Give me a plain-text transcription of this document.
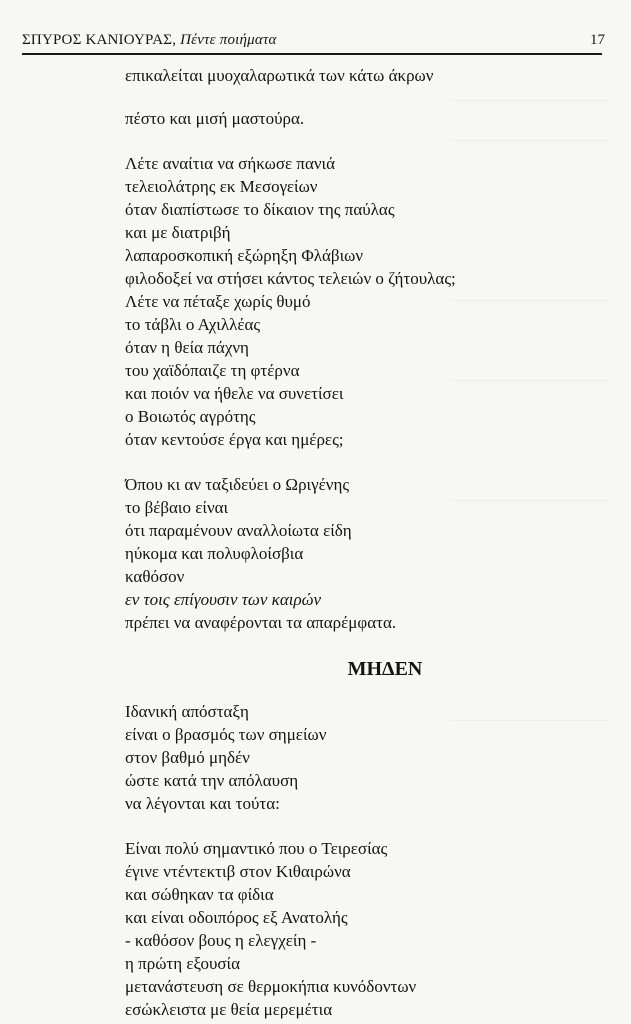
ΣΠΥΡΟΣ ΚΑΝΙΟΥΡΑΣ, Πέντε ποιήματα	17
επικαλείται μυοχαλαρωτικά των κάτω άκρων
πέστο και μισή μαστούρα.
Λέτε αναίτια να σήκωσε πανιά
τελειολάτρης εκ Μεσογείων
όταν διαπίστωσε το δίκαιον της παύλας
και με διατριβή
λαπαροσκοπική εξώρηξη Φλάβιων
φιλοδοξεί να στήσει κάντος τελειών ο ζήτουλας;
Λέτε να πέταξε χωρίς θυμό
το τάβλι ο Αχιλλέας
όταν η θεία πάχνη
του χαϊδόπαιζε τη φτέρνα
και ποιόν να ήθελε να συνετίσει
ο Βοιωτός αγρότης
όταν κεντούσε έργα και ημέρες;
Όπου κι αν ταξιδεύει ο Ωριγένης
το βέβαιο είναι
ότι παραμένουν αναλλοίωτα είδη
ηύκομα και πολυφλοίσβια
καθόσον
εν τοις επίγουσιν των καιρών
πρέπει να αναφέρονται τα απαρέμφατα.
ΜΗΔΕΝ
Ιδανική απόσταξη
είναι ο βρασμός των σημείων
στον βαθμό μηδέν
ώστε κατά την απόλαυση
να λέγονται και τούτα:
Είναι πολύ σημαντικό που ο Τειρεσίας
έγινε ντέντεκτιβ στον Κιθαιρώνα
και σώθηκαν τα φίδια
και είναι οδοιπόρος εξ Ανατολής
- καθόσον βους η ελεγχείη -
η πρώτη εξουσία
μετανάστευση σε θερμοκήπια κυνόδοντων
εσώκλειστα με θεία μερεμέτια
